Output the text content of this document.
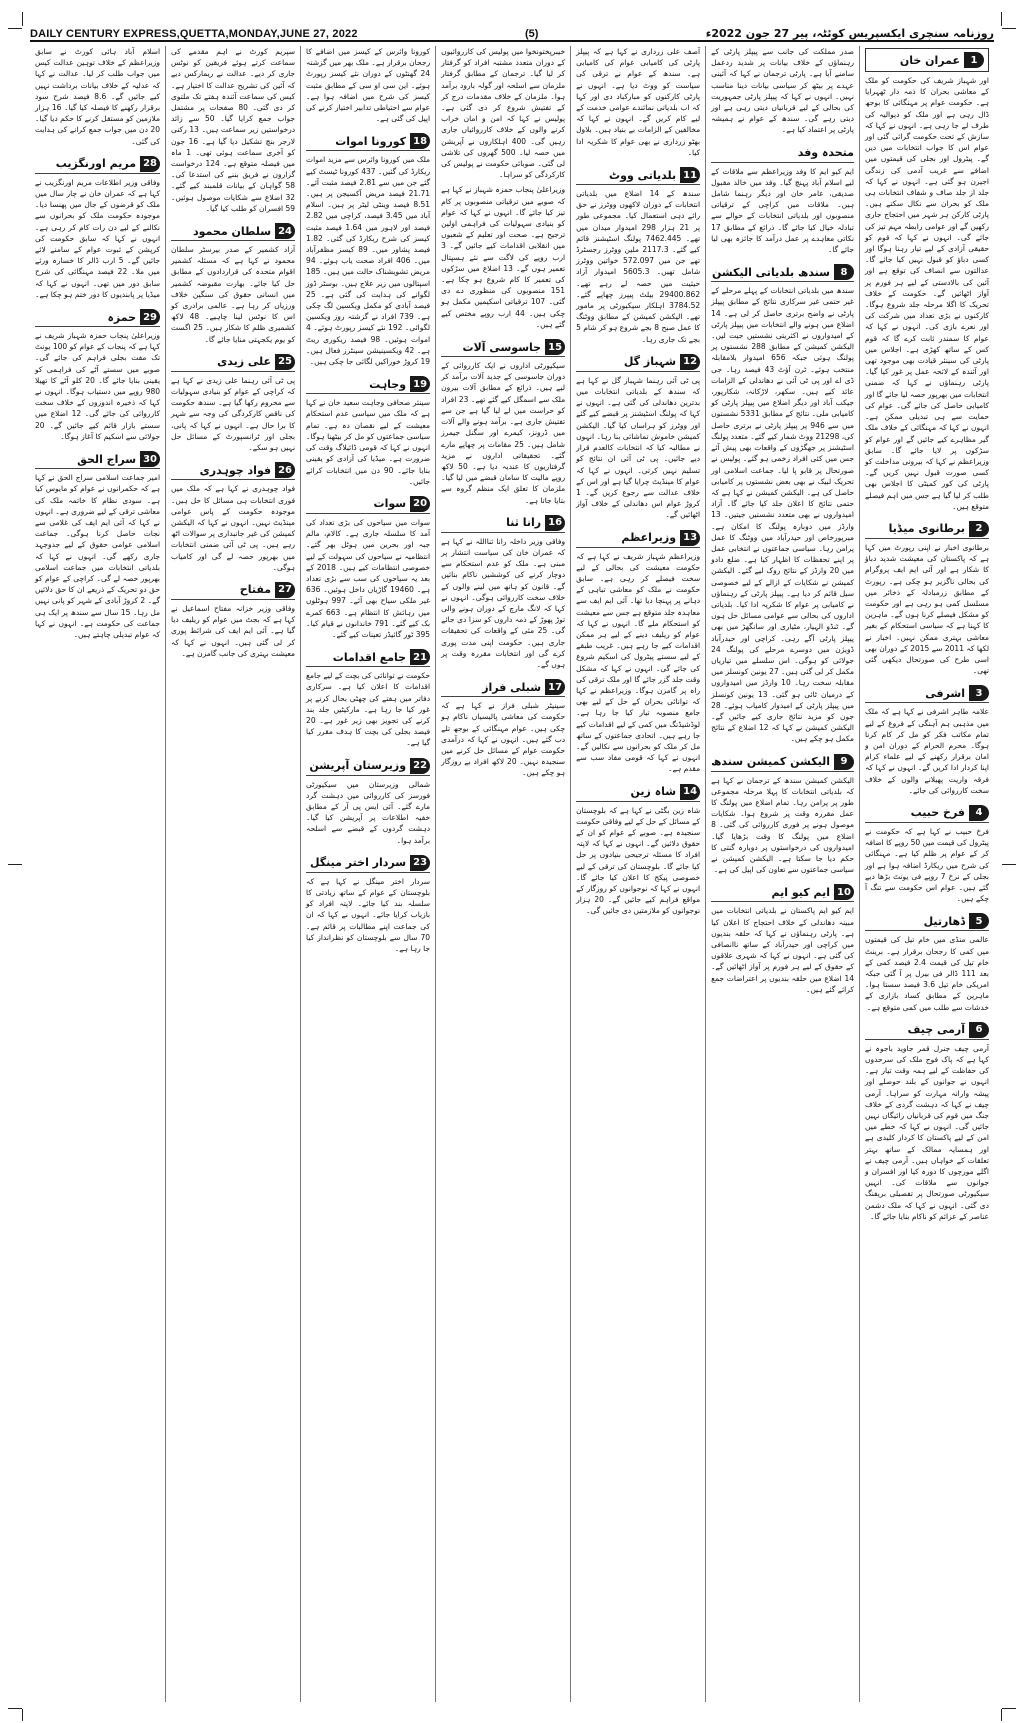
DAILY CENTURY EXPRESS,QUETTA,MONDAY,JUNE 27, 2022	(5)	روزنامہ سنچری ایکسپریس کوئٹہ، پیر 27 جون 2022ء
1
عمران خان
اور شہباز شریف کی حکومت کو ملک کے معاشی بحران کا ذمہ دار ٹھہرایا ہے۔ حکومت عوام پر مہنگائی کا بوجھ ڈال رہی ہے اور ملک کو دیوالیہ کی طرف لے جا رہی ہے۔ انہوں نے کہا کہ سازش کے تحت حکومت گرائی گئی اور عوام اس کا جواب انتخابات میں دیں گے۔ پیٹرول اور بجلی کی قیمتوں میں اضافے سے غریب آدمی کی زندگی اجیرن ہو گئی ہے۔ انہوں نے کہا کہ جلد از جلد صاف و شفاف انتخابات ہی ملک کو بحران سے نکال سکتے ہیں۔ پارٹی کارکن ہر شہر میں احتجاج جاری رکھیں گے اور عوامی رابطہ مہم تیز کی جائے گی۔ انہوں نے کہا کہ قوم کو حقیقی آزادی کے لیے تیار رہنا ہوگا اور کسی دباؤ کو قبول نہیں کیا جائے گا۔ عدالتوں سے انصاف کی توقع ہے اور آئین کی بالادستی کے لیے ہر فورم پر آواز اٹھائیں گے۔ حکومت کے خلاف تحریک کا اگلا مرحلہ جلد شروع ہوگا۔ کارکنوں نے بڑی تعداد میں شرکت کی اور نعرے بازی کی۔ انہوں نے کہا کہ عوام کا سمندر ثابت کرے گا کہ قوم کس کے ساتھ کھڑی ہے۔ اجلاس میں پارٹی کی سینئر قیادت بھی موجود تھی اور آئندہ کے لائحہ عمل پر غور کیا گیا۔ پارٹی رہنماؤں نے کہا کہ ضمنی انتخابات میں بھرپور حصہ لیا جائے گا اور کامیابی حاصل کی جائے گی۔ عوام کی حمایت سے ہی تبدیلی ممکن ہے۔ انہوں نے کہا کہ مہنگائی کے خلاف ملک گیر مظاہرے کیے جائیں گے اور عوام کو سڑکوں پر لایا جائے گا۔ سابق وزیراعظم نے کہا کہ بیرونی مداخلت کو کسی صورت قبول نہیں کریں گے۔ پارٹی کی کور کمیٹی کا اجلاس بھی طلب کر لیا گیا ہے جس میں اہم فیصلے متوقع ہیں۔
2
برطانوی میڈیا
برطانوی اخبار نے اپنی رپورٹ میں کہا ہے کہ پاکستان کی معیشت شدید دباؤ کا شکار ہے اور آئی ایم ایف پروگرام کی بحالی ناگزیر ہو چکی ہے۔ رپورٹ کے مطابق زرمبادلہ کے ذخائر میں مسلسل کمی ہو رہی ہے اور حکومت کو مشکل فیصلے کرنا ہوں گے۔ ماہرین کا کہنا ہے کہ سیاسی استحکام کے بغیر معاشی بہتری ممکن نہیں۔ اخبار نے لکھا کہ 2011 سے 2015 کے دوران بھی اسی طرح کی صورتحال دیکھی گئی تھی۔
3
اشرفی
علامہ طاہر اشرفی نے کہا ہے کہ ملک میں مذہبی ہم آہنگی کے فروغ کے لیے تمام مکاتب فکر کو مل کر کام کرنا ہوگا۔ محرم الحرام کے دوران امن و امان برقرار رکھنے کے لیے علماء کرام اپنا کردار ادا کریں گے۔ انہوں نے کہا کہ فرقہ واریت پھیلانے والوں کے خلاف سخت کارروائی کی جائے۔
4
فرخ حبیب
فرخ حبیب نے کہا ہے کہ حکومت نے پیٹرول کی قیمت میں 50 روپے کا اضافہ کر کے عوام پر ظلم کیا ہے۔ مہنگائی کی شرح میں ریکارڈ اضافہ ہوا ہے اور بجلی کے نرخ 7 روپے فی یونٹ بڑھا دیے گئے ہیں۔ عوام اس حکومت سے تنگ آ چکے ہیں۔
5
ڈھارتیل
عالمی منڈی میں خام تیل کی قیمتوں میں کمی کا رجحان برقرار ہے۔ برینٹ خام تیل کی قیمت 2.4 فیصد کمی کے بعد 111 ڈالر فی بیرل پر آ گئی جبکہ امریکی خام تیل 3.6 فیصد سستا ہوا۔ ماہرین کے مطابق کساد بازاری کے خدشات سے طلب میں کمی متوقع ہے۔
6
آرمی چیف
آرمی چیف جنرل قمر جاوید باجوہ نے کہا ہے کہ پاک فوج ملک کی سرحدوں کی حفاظت کے لیے ہمہ وقت تیار ہے۔ انہوں نے جوانوں کے بلند حوصلے اور پیشہ وارانہ مہارت کو سراہا۔ آرمی چیف نے کہا کہ دہشت گردی کے خلاف جنگ میں قوم کی قربانیاں رائیگاں نہیں جائیں گی۔ انہوں نے کہا کہ خطے میں امن کے لیے پاکستان کا کردار کلیدی ہے اور ہمسایہ ممالک کے ساتھ بہتر تعلقات کے خواہاں ہیں۔ آرمی چیف نے اگلے مورچوں کا دورہ کیا اور افسران و جوانوں سے ملاقات کی۔ انہیں سیکیورٹی صورتحال پر تفصیلی بریفنگ دی گئی۔ انہوں نے کہا کہ ملک دشمن عناصر کے عزائم کو ناکام بنایا جائے گا۔
صدر مملکت کی جانب سے پیپلز پارٹی کے رہنماؤں کے خلاف بیانات پر شدید ردعمل سامنے آیا ہے۔ پارٹی ترجمان نے کہا کہ آئینی عہدے پر بیٹھ کر سیاسی بیانات دینا مناسب نہیں۔ انہوں نے کہا کہ پیپلز پارٹی جمہوریت کی بحالی کے لیے قربانیاں دیتی رہی ہے اور دیتی رہے گی۔ سندھ کے عوام نے ہمیشہ پارٹی پر اعتماد کیا ہے۔
متحدہ وفد
ایم کیو ایم کا وفد وزیراعظم سے ملاقات کے لیے اسلام آباد پہنچ گیا۔ وفد میں خالد مقبول صدیقی، عامر خان اور دیگر رہنما شامل ہیں۔ ملاقات میں کراچی کے ترقیاتی منصوبوں اور بلدیاتی انتخابات کے حوالے سے تبادلہ خیال کیا جائے گا۔ ذرائع کے مطابق 17 نکاتی معاہدے پر عمل درآمد کا جائزہ بھی لیا جائے گا۔
8
سندھ بلدیاتی الیکشن
سندھ میں بلدیاتی انتخابات کے پہلے مرحلے کے غیر حتمی غیر سرکاری نتائج کے مطابق پیپلز پارٹی نے واضح برتری حاصل کر لی ہے۔ 14 اضلاع میں ہونے والے انتخابات میں پیپلز پارٹی کے امیدواروں نے اکثریتی نشستیں جیت لیں۔ الیکشن کمیشن کے مطابق 288 نشستوں پر پولنگ ہوئی جبکہ 656 امیدوار بلامقابلہ منتخب ہوئے۔ ٹرن آؤٹ 43 فیصد رہا۔ جی ڈی اے اور پی ٹی آئی نے دھاندلی کے الزامات عائد کیے ہیں۔ سکھر، لاڑکانہ، شکارپور، جیکب آباد اور دیگر اضلاع میں پیپلز پارٹی کو کامیابی ملی۔ نتائج کے مطابق 5331 نشستوں میں سے 946 پر پیپلز پارٹی نے برتری حاصل کی، 21298 ووٹ شمار کیے گئے۔ متعدد پولنگ اسٹیشنز پر جھگڑوں کے واقعات بھی پیش آئے جس میں کئی افراد زخمی ہو گئے۔ پولیس نے صورتحال پر قابو پا لیا۔ جماعت اسلامی اور تحریک لبیک نے بھی بعض نشستوں پر کامیابی حاصل کی ہے۔ الیکشن کمیشن نے کہا ہے کہ حتمی نتائج کا اعلان جلد کیا جائے گا۔ آزاد امیدواروں نے بھی متعدد نشستیں جیتیں۔ 13 وارڈز میں دوبارہ پولنگ کا امکان ہے۔ میرپورخاص اور حیدرآباد میں ووٹنگ کا عمل پرامن رہا۔ سیاسی جماعتوں نے انتخابی عمل پر اپنے تحفظات کا اظہار کیا ہے۔ ضلع دادو میں 20 وارڈز کے نتائج روک لیے گئے۔ الیکشن کمیشن نے شکایات کے ازالے کے لیے خصوصی سیل قائم کر دیا ہے۔ پیپلز پارٹی کے رہنماؤں نے کامیابی پر عوام کا شکریہ ادا کیا۔ بلدیاتی اداروں کی بحالی سے عوامی مسائل حل ہوں گے۔ ٹنڈو الہیار، مٹیاری اور سانگھڑ میں بھی پیپلز پارٹی آگے رہی۔ کراچی اور حیدرآباد ڈویژن میں دوسرے مرحلے کی پولنگ 24 جولائی کو ہوگی۔ اس سلسلے میں تیاریاں مکمل کر لی گئی ہیں۔ 27 یونین کونسلز میں مقابلہ سخت رہا۔ 10 وارڈز میں امیدواروں کے درمیان ٹائی ہو گئی۔ 13 یونین کونسلز میں پیپلز پارٹی کے امیدوار کامیاب ہوئے۔ 28 جون کو مزید نتائج جاری کیے جائیں گے۔ الیکشن کمیشن نے کہا کہ 12 اضلاع کے نتائج مکمل ہو چکے ہیں۔
9
الیکشن کمیشن سندھ
الیکشن کمیشن سندھ کے ترجمان نے کہا ہے کہ بلدیاتی انتخابات کا پہلا مرحلہ مجموعی طور پر پرامن رہا۔ تمام اضلاع میں پولنگ کا عمل مقررہ وقت پر شروع ہوا۔ شکایات موصول ہونے پر فوری کارروائی کی گئی۔ 8 اضلاع میں پولنگ کا وقت بڑھایا گیا۔ امیدواروں کی درخواستوں پر دوبارہ گنتی کا حکم دیا جا سکتا ہے۔ الیکشن کمیشن نے سیاسی جماعتوں سے تعاون کی اپیل کی ہے۔
10
ایم کیو ایم
ایم کیو ایم پاکستان نے بلدیاتی انتخابات میں مبینہ دھاندلی کے خلاف احتجاج کا اعلان کیا ہے۔ پارٹی رہنماؤں نے کہا کہ حلقہ بندیوں میں کراچی اور حیدرآباد کے ساتھ ناانصافی کی گئی ہے۔ انہوں نے کہا کہ شہری علاقوں کے حقوق کے لیے ہر فورم پر آواز اٹھائیں گے۔ 14 اضلاع میں حلقہ بندیوں پر اعتراضات جمع کرائے گئے ہیں۔
آصف علی زرداری نے کہا ہے کہ پیپلز پارٹی کی کامیابی عوام کی کامیابی ہے۔ سندھ کے عوام نے ترقی کی سیاست کو ووٹ دیا ہے۔ انہوں نے پارٹی کارکنوں کو مبارکباد دی اور کہا کہ اب بلدیاتی نمائندے عوامی خدمت کے لیے کام کریں گے۔ انہوں نے کہا کہ مخالفین کے الزامات بے بنیاد ہیں۔ بلاول بھٹو زرداری نے بھی عوام کا شکریہ ادا کیا۔
11
بلدیاتی ووٹ
سندھ کے 14 اضلاع میں بلدیاتی انتخابات کے دوران لاکھوں ووٹرز نے حق رائے دہی استعمال کیا۔ مجموعی طور پر 21 ہزار 298 امیدوار میدان میں تھے۔ 7462.445 پولنگ اسٹیشنز قائم کیے گئے۔ 2117.3 ملین ووٹرز رجسٹرڈ تھے جن میں 572.097 خواتین ووٹرز شامل تھیں۔ 5605.3 امیدوار آزاد حیثیت میں حصہ لے رہے تھے۔ 29400.862 بیلٹ پیپرز چھاپے گئے۔ 3784.52 اہلکار سیکیورٹی پر مامور تھے۔ الیکشن کمیشن کے مطابق ووٹنگ کا عمل صبح 8 بجے شروع ہو کر شام 5 بجے تک جاری رہا۔
12
شہباز گل
پی ٹی آئی رہنما شہباز گل نے کہا ہے کہ سندھ کے بلدیاتی انتخابات میں بدترین دھاندلی کی گئی ہے۔ انہوں نے کہا کہ پولنگ اسٹیشنز پر قبضے کیے گئے اور ووٹرز کو ہراساں کیا گیا۔ الیکشن کمیشن خاموش تماشائی بنا رہا۔ انہوں نے مطالبہ کیا کہ انتخابات کالعدم قرار دیے جائیں۔ پی ٹی آئی ان نتائج کو تسلیم نہیں کرتی۔ انہوں نے کہا کہ عوام کا مینڈیٹ چرایا گیا ہے اور اس کے خلاف عدالت سے رجوع کریں گے۔ 1 کروڑ عوام اس دھاندلی کے خلاف آواز اٹھائیں گے۔
13
وزیراعظم
وزیراعظم شہباز شریف نے کہا ہے کہ حکومت معیشت کی بحالی کے لیے سخت فیصلے کر رہی ہے۔ سابق حکومت نے ملک کو معاشی تباہی کے دہانے پر پہنچا دیا تھا۔ آئی ایم ایف سے معاہدہ جلد متوقع ہے جس سے معیشت کو استحکام ملے گا۔ انہوں نے کہا کہ عوام کو ریلیف دینے کے لیے ہر ممکن اقدامات کیے جا رہے ہیں۔ غریب طبقے کے لیے سستے پیٹرول کی اسکیم شروع کی جائے گی۔ انہوں نے کہا کہ مشکل وقت جلد گزر جائے گا اور ملک ترقی کی راہ پر گامزن ہوگا۔ وزیراعظم نے کہا کہ توانائی بحران کے حل کے لیے بھی جامع منصوبہ تیار کیا جا رہا ہے۔ لوڈشیڈنگ میں کمی کے لیے اقدامات کیے جا رہے ہیں۔ اتحادی جماعتوں کے ساتھ مل کر ملک کو بحرانوں سے نکالیں گے۔ انہوں نے کہا کہ قومی مفاد سب سے مقدم ہے۔
14
شاہ زین
شاہ زین بگٹی نے کہا ہے کہ بلوچستان کے مسائل کے حل کے لیے وفاقی حکومت سنجیدہ ہے۔ صوبے کے عوام کو ان کے حقوق دلائیں گے۔ انہوں نے کہا کہ لاپتہ افراد کا مسئلہ ترجیحی بنیادوں پر حل کیا جائے گا۔ بلوچستان کی ترقی کے لیے خصوصی پیکج کا اعلان کیا جائے گا۔ انہوں نے کہا کہ نوجوانوں کو روزگار کے مواقع فراہم کیے جائیں گے۔ 20 ہزار نوجوانوں کو ملازمتیں دی جائیں گی۔
خیبرپختونخوا میں پولیس کی کارروائیوں کے دوران متعدد مشتبہ افراد کو گرفتار کر لیا گیا۔ ترجمان کے مطابق گرفتار ملزمان سے اسلحہ اور گولہ بارود برآمد ہوا۔ ملزمان کے خلاف مقدمات درج کر کے تفتیش شروع کر دی گئی ہے۔ پولیس نے کہا کہ امن و امان خراب کرنے والوں کے خلاف کارروائیاں جاری رہیں گی۔ 400 اہلکاروں نے آپریشن میں حصہ لیا۔ 500 گھروں کی تلاشی لی گئی۔ صوبائی حکومت نے پولیس کی کارکردگی کو سراہا۔
وزیراعلیٰ پنجاب حمزہ شہباز نے کہا ہے کہ صوبے میں ترقیاتی منصوبوں پر کام تیز کیا جائے گا۔ انہوں نے کہا کہ عوام کو بنیادی سہولیات کی فراہمی اولین ترجیح ہے۔ صحت اور تعلیم کے شعبوں میں انقلابی اقدامات کیے جائیں گے۔ 3 ارب روپے کی لاگت سے نئے ہسپتال تعمیر ہوں گے۔ 13 اضلاع میں سڑکوں کی تعمیر کا کام شروع ہو چکا ہے۔ 151 منصوبوں کی منظوری دے دی گئی۔ 107 ترقیاتی اسکیمیں مکمل ہو چکی ہیں۔ 44 ارب روپے مختص کیے گئے ہیں۔
15
جاسوسی آلات
سیکیورٹی اداروں نے ایک کارروائی کے دوران جاسوسی کے جدید آلات برآمد کر لیے ہیں۔ ذرائع کے مطابق آلات بیرون ملک سے اسمگل کیے گئے تھے۔ 23 افراد کو حراست میں لے لیا گیا ہے جن سے تفتیش جاری ہے۔ برآمد ہونے والے آلات میں ڈرونز، کیمرے اور سگنل جیمرز شامل ہیں۔ 25 مقامات پر چھاپے مارے گئے۔ تحقیقاتی اداروں نے مزید گرفتاریوں کا عندیہ دیا ہے۔ 50 لاکھ روپے مالیت کا سامان قبضے میں لیا گیا۔ ملزمان کا تعلق ایک منظم گروہ سے بتایا جاتا ہے۔
16
رانا ثنا
وفاقی وزیر داخلہ رانا ثنااللہ نے کہا ہے کہ عمران خان کی سیاست انتشار پر مبنی ہے۔ ملک کو عدم استحکام سے دوچار کرنے کی کوششیں ناکام بنائیں گے۔ قانون کو ہاتھ میں لینے والوں کے خلاف سخت کارروائی ہوگی۔ انہوں نے کہا کہ لانگ مارچ کے دوران ہونے والی توڑ پھوڑ کے ذمہ داروں کو سزا دی جائے گی۔ 25 مئی کے واقعات کی تحقیقات جاری ہیں۔ حکومت اپنی مدت پوری کرے گی اور انتخابات مقررہ وقت پر ہوں گے۔
17
شبلی فراز
سینیٹر شبلی فراز نے کہا ہے کہ حکومت کی معاشی پالیسیاں ناکام ہو چکی ہیں۔ عوام مہنگائی کے بوجھ تلے دب گئے ہیں۔ انہوں نے کہا کہ درآمدی حکومت عوام کے مسائل حل کرنے میں سنجیدہ نہیں۔ 20 لاکھ افراد بے روزگار ہو چکے ہیں۔
کورونا وائرس کے کیسز میں اضافے کا رجحان برقرار ہے۔ ملک بھر میں گزشتہ 24 گھنٹوں کے دوران نئے کیسز رپورٹ ہوئے۔ این سی او سی کے مطابق مثبت کیسز کی شرح میں اضافہ ہوا ہے۔ عوام سے احتیاطی تدابیر اختیار کرنے کی اپیل کی گئی ہے۔
18
کورونا اموات
ملک میں کورونا وائرس سے مزید اموات ریکارڈ کی گئیں۔ 437 کورونا ٹیسٹ کیے گئے جن میں سے 2.81 فیصد مثبت آئے۔ 21.71 فیصد مریض آکسیجن پر ہیں۔ 8.51 فیصد وینٹی لیٹر پر ہیں۔ اسلام آباد میں 3.45 فیصد، کراچی میں 2.82 فیصد اور لاہور میں 1.64 فیصد مثبت کیسز کی شرح ریکارڈ کی گئی۔ 1.82 فیصد پشاور میں۔ 89 کیسز مظفرآباد میں۔ 406 افراد صحت یاب ہوئے۔ 94 مریض تشویشناک حالت میں ہیں۔ 185 اسپتالوں میں زیر علاج ہیں۔ بوسٹر ڈوز لگوانے کی ہدایت کی گئی ہے۔ 25 فیصد آبادی کو مکمل ویکسین لگ چکی ہے۔ 739 افراد نے گزشتہ روز ویکسین لگوائی۔ 192 نئے کیسز رپورٹ ہوئے۔ 4 اموات ہوئیں۔ 98 فیصد ریکوری ریٹ ہے۔ 42 ویکسینیشن سینٹرز فعال ہیں۔ 19 کروڑ خوراکیں لگائی جا چکی ہیں۔
19
وجاہت
سینئر صحافی وجاہت سعید خان نے کہا ہے کہ ملک میں سیاسی عدم استحکام معیشت کے لیے نقصان دہ ہے۔ تمام سیاسی جماعتوں کو مل کر بیٹھنا ہوگا۔ انہوں نے کہا کہ قومی ڈائیلاگ وقت کی ضرورت ہے۔ میڈیا کی آزادی کو یقینی بنایا جائے۔ 90 دن میں انتخابات کرائے جائیں۔
20
سوات
سوات میں سیاحوں کی بڑی تعداد کی آمد کا سلسلہ جاری ہے۔ کالام، مالم جبہ اور بحرین میں ہوٹل بھر گئے۔ انتظامیہ نے سیاحوں کی سہولت کے لیے خصوصی انتظامات کیے ہیں۔ 2018 کے بعد یہ سیاحوں کی سب سے بڑی تعداد ہے۔ 19460 گاڑیاں داخل ہوئیں۔ 636 غیر ملکی سیاح بھی آئے۔ 997 ہوٹلوں میں رہائش کا انتظام ہے۔ 663 کمرے بک کیے گئے۔ 791 خاندانوں نے قیام کیا۔ 395 ٹور گائیڈز تعینات کیے گئے۔
21
جامع اقدامات
حکومت نے توانائی کی بچت کے لیے جامع اقدامات کا اعلان کیا ہے۔ سرکاری دفاتر میں ہفتے کی چھٹی بحال کرنے پر غور کیا جا رہا ہے۔ مارکیٹیں جلد بند کرنے کی تجویز بھی زیر غور ہے۔ 20 فیصد بجلی کی بچت کا ہدف مقرر کیا گیا ہے۔
22
وزیرستان آپریشن
شمالی وزیرستان میں سیکیورٹی فورسز کی کارروائی میں دہشت گرد مارے گئے۔ آئی ایس پی آر کے مطابق خفیہ اطلاعات پر آپریشن کیا گیا۔ دہشت گردوں کے قبضے سے اسلحہ برآمد ہوا۔
23
سردار اختر مینگل
سردار اختر مینگل نے کہا ہے کہ بلوچستان کے عوام کے ساتھ زیادتی کا سلسلہ بند کیا جائے۔ لاپتہ افراد کو بازیاب کرایا جائے۔ انہوں نے کہا کہ ان کی جماعت اپنے مطالبات پر قائم ہے۔ 70 سال سے بلوچستان کو نظرانداز کیا جا رہا ہے۔
سپریم کورٹ نے اہم مقدمے کی سماعت کرتے ہوئے فریقین کو نوٹس جاری کر دیے۔ عدالت نے ریمارکس دیے کہ آئین کی تشریح عدالت کا اختیار ہے۔ کیس کی سماعت آئندہ ہفتے تک ملتوی کر دی گئی۔ 80 صفحات پر مشتمل جواب جمع کرایا گیا۔ 50 سے زائد درخواستیں زیر سماعت ہیں۔ 13 رکنی لارجر بنچ تشکیل دیا گیا ہے۔ 16 جون کو آخری سماعت ہوئی تھی۔ 1 ماہ میں فیصلہ متوقع ہے۔ 124 درخواست گزاروں نے فریق بننے کی استدعا کی۔ 58 گواہان کے بیانات قلمبند کیے گئے۔ 32 اضلاع سے شکایات موصول ہوئیں۔ 59 افسران کو طلب کیا گیا۔
24
سلطان محمود
آزاد کشمیر کے صدر بیرسٹر سلطان محمود نے کہا ہے کہ مسئلہ کشمیر اقوام متحدہ کی قراردادوں کے مطابق حل کیا جائے۔ بھارت مقبوضہ کشمیر میں انسانی حقوق کی سنگین خلاف ورزیاں کر رہا ہے۔ عالمی برادری کو اس کا نوٹس لینا چاہیے۔ 48 لاکھ کشمیری ظلم کا شکار ہیں۔ 25 اگست کو یوم یکجہتی منایا جائے گا۔
25
علی زیدی
پی ٹی آئی رہنما علی زیدی نے کہا ہے کہ کراچی کے عوام کو بنیادی سہولیات سے محروم رکھا گیا ہے۔ سندھ حکومت کی ناقص کارکردگی کی وجہ سے شہر کا برا حال ہے۔ انہوں نے کہا کہ پانی، بجلی اور ٹرانسپورٹ کے مسائل حل نہیں ہو سکے۔
26
فواد چوہدری
فواد چوہدری نے کہا ہے کہ ملک میں فوری انتخابات ہی مسائل کا حل ہیں۔ موجودہ حکومت کے پاس عوامی مینڈیٹ نہیں۔ انہوں نے کہا کہ الیکشن کمیشن کی غیر جانبداری پر سوالات اٹھ رہے ہیں۔ پی ٹی آئی ضمنی انتخابات میں بھرپور حصہ لے گی اور کامیاب ہوگی۔
27
مفتاح
وفاقی وزیر خزانہ مفتاح اسماعیل نے کہا ہے کہ بجٹ میں عوام کو ریلیف دیا گیا ہے۔ آئی ایم ایف کی شرائط پوری کر لی گئی ہیں۔ انہوں نے کہا کہ معیشت بہتری کی جانب گامزن ہے۔
اسلام آباد ہائی کورٹ نے سابق وزیراعظم کے خلاف توہین عدالت کیس میں جواب طلب کر لیا۔ عدالت نے کہا کہ عدلیہ کے خلاف بیانات برداشت نہیں کیے جائیں گے۔ 8.6 فیصد شرح سود برقرار رکھنے کا فیصلہ کیا گیا۔ 16 ہزار ملازمین کو مستقل کرنے کا حکم دیا گیا۔ 20 دن میں جواب جمع کرانے کی ہدایت کی گئی۔
28
مریم اورنگزیب
وفاقی وزیر اطلاعات مریم اورنگزیب نے کہا ہے کہ عمران خان نے چار سال میں ملک کو قرضوں کے جال میں پھنسا دیا۔ موجودہ حکومت ملک کو بحرانوں سے نکالنے کے لیے دن رات کام کر رہی ہے۔ انہوں نے کہا کہ سابق حکومت کی کرپشن کے ثبوت عوام کے سامنے لائے جائیں گے۔ 5 ارب ڈالر کا خسارہ ورثے میں ملا۔ 22 فیصد مہنگائی کی شرح سابق دور میں تھی۔ انہوں نے کہا کہ میڈیا پر پابندیوں کا دور ختم ہو چکا ہے۔
29
حمزہ
وزیراعلیٰ پنجاب حمزہ شہباز شریف نے کہا ہے کہ پنجاب کے عوام کو 100 یونٹ تک مفت بجلی فراہم کی جائے گی۔ صوبے میں سستے آٹے کی فراہمی کو یقینی بنایا جائے گا۔ 20 کلو آٹے کا تھیلا 980 روپے میں دستیاب ہوگا۔ انہوں نے کہا کہ ذخیرہ اندوزوں کے خلاف سخت کارروائی کی جائے گی۔ 12 اضلاع میں سستے بازار قائم کیے جائیں گے۔ 20 جولائی سے اسکیم کا آغاز ہوگا۔
30
سراج الحق
امیر جماعت اسلامی سراج الحق نے کہا ہے کہ حکمرانوں نے عوام کو مایوس کیا ہے۔ سودی نظام کا خاتمہ ملک کی معاشی ترقی کے لیے ضروری ہے۔ انہوں نے کہا کہ آئی ایم ایف کی غلامی سے نجات حاصل کرنا ہوگی۔ جماعت اسلامی عوامی حقوق کے لیے جدوجہد جاری رکھے گی۔ انہوں نے کہا کہ بلدیاتی انتخابات میں جماعت اسلامی بھرپور حصہ لے گی۔ کراچی کے عوام کو حق دو تحریک کے ذریعے ان کا حق دلائیں گے۔ 2 کروڑ آبادی کے شہر کو پانی نہیں مل رہا۔ 15 سال سے سندھ پر ایک ہی جماعت کی حکومت ہے۔ انہوں نے کہا کہ عوام تبدیلی چاہتے ہیں۔
